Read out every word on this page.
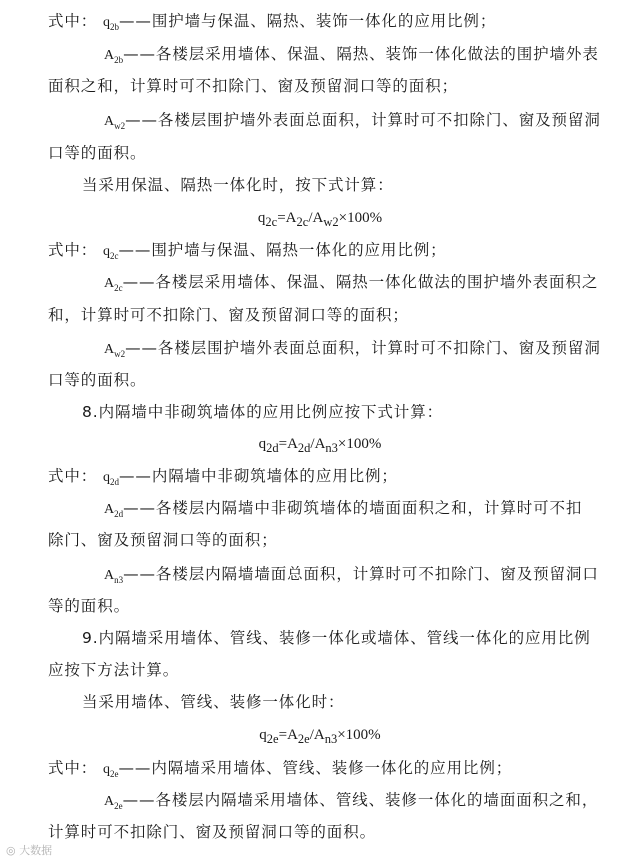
式中： $q_{2b}——$围护墙与保温、隔热、装饰一体化的应用比例；
$A_{2b}——$各楼层采用墙体、保温、隔热、装饰一体化做法的围护墙外表
面积之和，计算时可不扣除门、窗及预留洞口等的面积；
$A_{w2}——$各楼层围护墙外表面总面积，计算时可不扣除门、窗及预留洞
口等的面积。
当采用保温、隔热一体化时，按下式计算：
$q_{2c}=A_{2c}/A_{w2}\times 100\%$
式中： $q_{2c}——$围护墙与保温、隔热一体化的应用比例；
$A_{2c}——$各楼层采用墙体、保温、隔热一体化做法的围护墙外表面积之
和，计算时可不扣除门、窗及预留洞口等的面积；
$A_{w2}——$各楼层围护墙外表面总面积，计算时可不扣除门、窗及预留洞
口等的面积。
8.内隔墙中非砌筑墙体的应用比例应按下式计算：
$q_{2d}=A_{2d}/A_{n3}\times 100\%$
式中： $q_{2d}——$内隔墙中非砌筑墙体的应用比例；
$A_{2d}——$各楼层内隔墙中非砌筑墙体的墙面面积之和，计算时可不扣
除门、窗及预留洞口等的面积；
$A_{n3}——$各楼层内隔墙墙面总面积，计算时可不扣除门、窗及预留洞口
等的面积。
9.内隔墙采用墙体、管线、装修一体化或墙体、管线一体化的应用比例
应按下方法计算。
当采用墙体、管线、装修一体化时：
$q_{2e}=A_{2e}/A_{n3}\times 100\%$
式中： $q_{2e}——$内隔墙采用墙体、管线、装修一体化的应用比例；
$A_{2e}——$各楼层内隔墙采用墙体、管线、装修一体化的墙面面积之和，
计算时可不扣除门、窗及预留洞口等的面积。
◎ 大数据
